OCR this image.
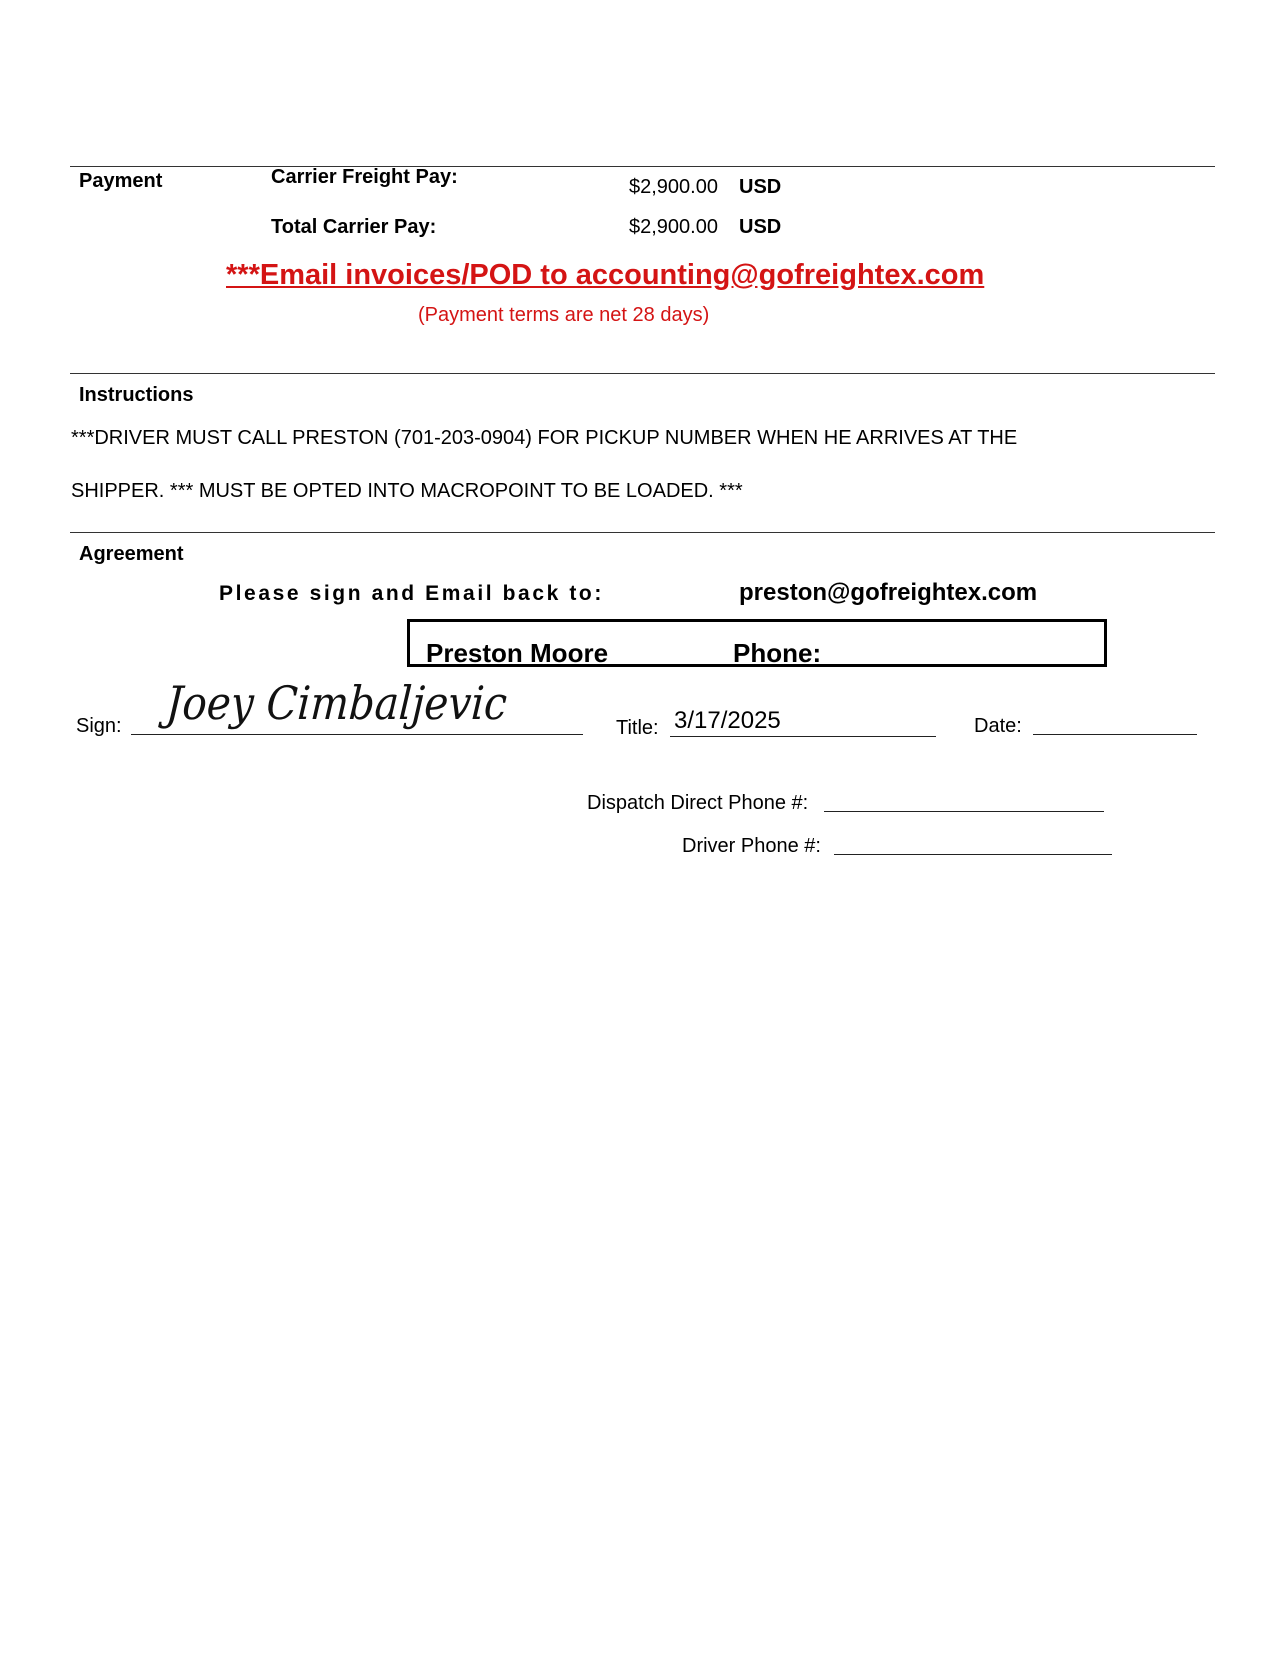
Payment	Carrier Freight Pay:	$2,900.00 USD
Total Carrier Pay:	$2,900.00 USD
***Email invoices/POD to accounting@gofreightex.com
(Payment terms are net 28 days)
Instructions
***DRIVER MUST CALL PRESTON (701-203-0904) FOR PICKUP NUMBER WHEN HE ARRIVES AT THE
SHIPPER. *** MUST BE OPTED INTO MACROPOINT TO BE LOADED. ***
Agreement
Please sign and Email back to:	preston@gofreightex.com
Preston Moore	Phone:
Sign: Joey Cimbaljevic	Title: 3/17/2025	Date:
Dispatch Direct Phone #:
Driver Phone #:
